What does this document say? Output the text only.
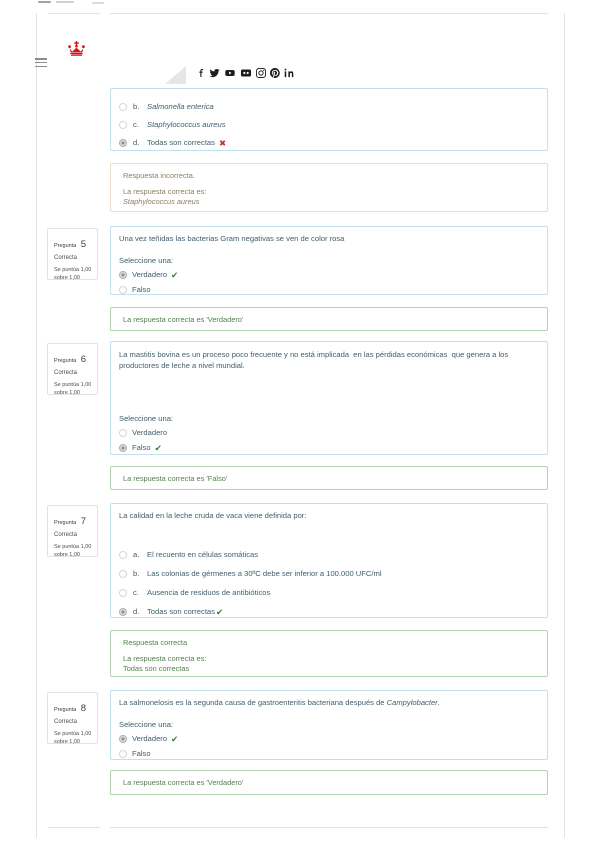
b.	Salmonella enterica
c.	Staphylococcus aureus
d.	Todas son correctas ✖

Respuesta incorrecta.

La respuesta correcta es:

Staphylococcus aureus

Pregunta 5
Correcta
Se puntúa 1,00
sobre 1,00

Una vez teñidas las bacterias Gram negativas se ven de color rosa

Seleccione una:

Verdadero ✔
Falso

La respuesta correcta es 'Verdadero'

Pregunta 6
Correcta
Se puntúa 1,00
sobre 1,00

La mastitis bovina es un proceso poco frecuente y no está implicada  en las pérdidas económicas  que genera a los productores de leche a nivel mundial.

Seleccione una:

Verdadero
Falso ✔

La respuesta correcta es 'Falso'

Pregunta 7
Correcta
Se puntúa 1,00
sobre 1,00

La calidad en la leche cruda de vaca viene definida por:

a.	El recuento en células somáticas
b.	Las colonias de gérmenes a 30ºC debe ser inferior a 100.000 UFC/ml
c.	Ausencia de residuos de antibióticos
d.	Todas son correctas ✔

Respuesta correcta

La respuesta correcta es:

Todas son correctas

Pregunta 8
Correcta
Se puntúa 1,00
sobre 1,00

La salmonelosis es la segunda causa de gastroenteritis bacteriana después de Campylobacter.

Seleccione una:

Verdadero ✔
Falso

La respuesta correcta es 'Verdadero'
